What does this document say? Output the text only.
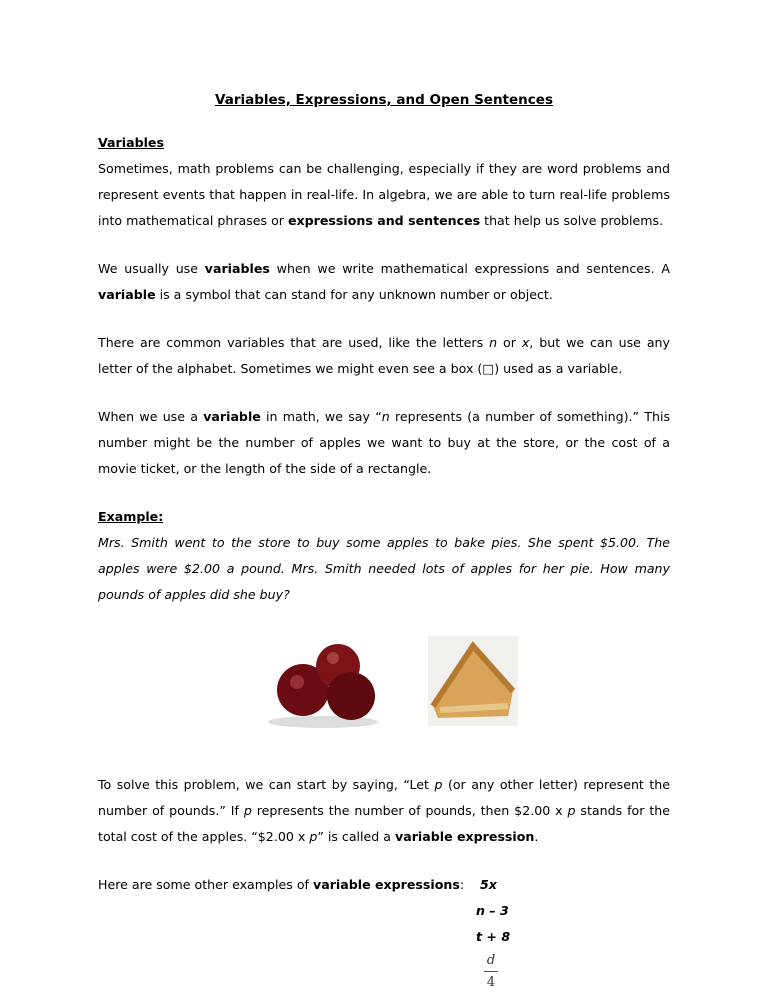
Variables, Expressions, and Open Sentences
Variables

Sometimes, math problems can be challenging, especially if they are word problems and represent events that happen in real-life. In algebra, we are able to turn real-life problems into mathematical phrases or expressions and sentences that help us solve problems.

We usually use variables when we write mathematical expressions and sentences. A variable is a symbol that can stand for any unknown number or object.

There are common variables that are used, like the letters n or x, but we can use any letter of the alphabet. Sometimes we might even see a box (□) used as a variable.

When we use a variable in math, we say “n represents (a number of something).” This number might be the number of apples we want to buy at the store, or the cost of a movie ticket, or the length of the side of a rectangle.

Example:

Mrs. Smith went to the store to buy some apples to bake pies. She spent $5.00. The apples were $2.00 a pound. Mrs. Smith needed lots of apples for her pie. How many pounds of apples did she buy?

To solve this problem, we can start by saying, “Let p (or any other letter) represent the number of pounds.” If p represents the number of pounds, then $2.00 x p stands for the total cost of the apples. “$2.00 x p” is called a variable expression.

Here are some other examples of variable expressions: 5x
n – 3
t + 8
d
4
